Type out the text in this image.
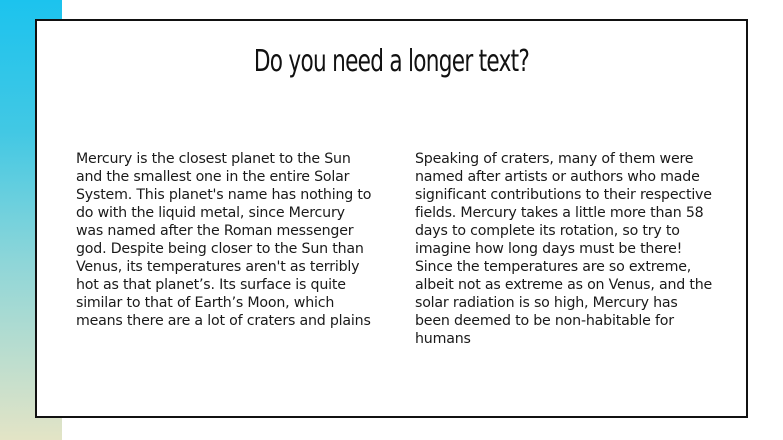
Do you need a longer text?

Mercury is the closest planet to the Sun and the smallest one in the entire Solar System. This planet's name has nothing to do with the liquid metal, since Mercury was named after the Roman messenger god. Despite being closer to the Sun than Venus, its temperatures aren't as terribly hot as that planet’s. Its surface is quite similar to that of Earth’s Moon, which means there are a lot of craters and plains

Speaking of craters, many of them were named after artists or authors who made significant contributions to their respective fields. Mercury takes a little more than 58 days to complete its rotation, so try to imagine how long days must be there! Since the temperatures are so extreme, albeit not as extreme as on Venus, and the solar radiation is so high, Mercury has been deemed to be non-habitable for humans
